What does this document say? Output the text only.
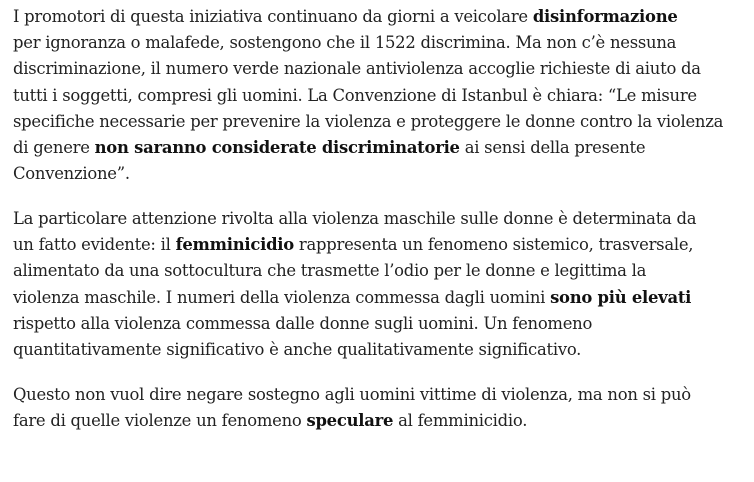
I promotori di questa iniziativa continuano da giorni a veicolare disinformazione
per ignoranza o malafede, sostengono che il 1522 discrimina. Ma non c’è nessuna
discriminazione, il numero verde nazionale antiviolenza accoglie richieste di aiuto da
tutti i soggetti, compresi gli uomini. La Convenzione di Istanbul è chiara: “Le misure
specifiche necessarie per prevenire la violenza e proteggere le donne contro la violenza
di genere non saranno considerate discriminatorie ai sensi della presente
Convenzione”.

La particolare attenzione rivolta alla violenza maschile sulle donne è determinata da
un fatto evidente: il femminicidio rappresenta un fenomeno sistemico, trasversale,
alimentato da una sottocultura che trasmette l’odio per le donne e legittima la
violenza maschile. I numeri della violenza commessa dagli uomini sono più elevati
rispetto alla violenza commessa dalle donne sugli uomini. Un fenomeno
quantitativamente significativo è anche qualitativamente significativo.

Questo non vuol dire negare sostegno agli uomini vittime di violenza, ma non si può
fare di quelle violenze un fenomeno speculare al femminicidio.
